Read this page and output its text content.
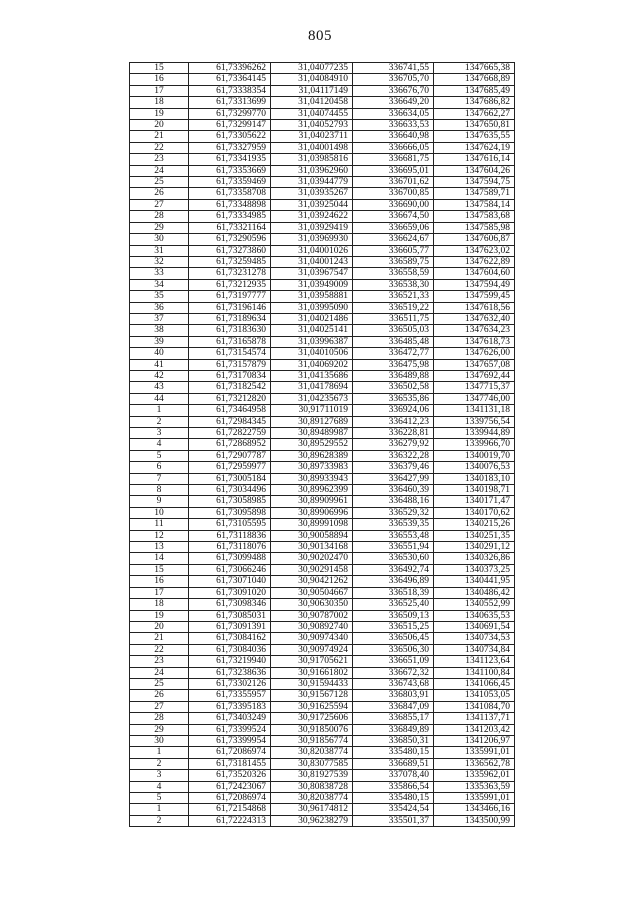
805
15	61,73396262	31,04077235	336741,55	1347665,38
16	61,73364145	31,04084910	336705,70	1347668,89
17	61,73338354	31,04117149	336676,70	1347685,49
18	61,73313699	31,04120458	336649,20	1347686,82
19	61,73299770	31,04074455	336634,05	1347662,27
20	61,73299147	31,04052793	336633,53	1347650,81
21	61,73305622	31,04023711	336640,98	1347635,55
22	61,73327959	31,04001498	336666,05	1347624,19
23	61,73341935	31,03985816	336681,75	1347616,14
24	61,73353669	31,03962960	336695,01	1347604,26
25	61,73359469	31,03944779	336701,62	1347594,75
26	61,73358708	31,03935267	336700,85	1347589,71
27	61,73348898	31,03925044	336690,00	1347584,14
28	61,73334985	31,03924622	336674,50	1347583,68
29	61,73321164	31,03929419	336659,06	1347585,98
30	61,73290596	31,03969930	336624,67	1347606,87
31	61,73273860	31,04001026	336605,77	1347623,02
32	61,73259485	31,04001243	336589,75	1347622,89
33	61,73231278	31,03967547	336558,59	1347604,60
34	61,73212935	31,03949009	336538,30	1347594,49
35	61,73197777	31,03958881	336521,33	1347599,45
36	61,73196146	31,03995090	336519,22	1347618,56
37	61,73189634	31,04021486	336511,75	1347632,40
38	61,73183630	31,04025141	336505,03	1347634,23
39	61,73165878	31,03996387	336485,48	1347618,73
40	61,73154574	31,04010506	336472,77	1347626,00
41	61,73157879	31,04069202	336475,98	1347657,08
42	61,73170834	31,04135686	336489,88	1347692,44
43	61,73182542	31,04178694	336502,58	1347715,37
44	61,73212820	31,04235673	336535,86	1347746,00
1	61,73464958	30,91711019	336924,06	1341131,18
2	61,72984345	30,89127689	336412,23	1339756,54
3	61,72822759	30,89489987	336228,81	1339944,89
4	61,72868952	30,89529552	336279,92	1339966,70
5	61,72907787	30,89628389	336322,28	1340019,70
6	61,72959977	30,89733983	336379,46	1340076,53
7	61,73005184	30,89933943	336427,99	1340183,10
8	61,73034496	30,89962399	336460,39	1340198,71
9	61,73058985	30,89909961	336488,16	1340171,47
10	61,73095898	30,89906996	336529,32	1340170,62
11	61,73105595	30,89991098	336539,35	1340215,26
12	61,73118836	30,90058894	336553,48	1340251,35
13	61,73118076	30,90134168	336551,94	1340291,12
14	61,73099488	30,90202470	336530,60	1340326,86
15	61,73066246	30,90291458	336492,74	1340373,25
16	61,73071040	30,90421262	336496,89	1340441,95
17	61,73091020	30,90504667	336518,39	1340486,42
18	61,73098346	30,90630350	336525,40	1340552,99
19	61,73085031	30,90787002	336509,13	1340635,53
20	61,73091391	30,90892740	336515,25	1340691,54
21	61,73084162	30,90974340	336506,45	1340734,53
22	61,73084036	30,90974924	336506,30	1340734,84
23	61,73219940	30,91705621	336651,09	1341123,64
24	61,73238636	30,91661802	336672,32	1341100,84
25	61,73302126	30,91594433	336743,68	1341066,45
26	61,73355957	30,91567128	336803,91	1341053,05
27	61,73395183	30,91625594	336847,09	1341084,70
28	61,73403249	30,91725606	336855,17	1341137,71
29	61,73399524	30,91850076	336849,89	1341203,42
30	61,73399954	30,91856774	336850,31	1341206,97
1	61,72086974	30,82038774	335480,15	1335991,01
2	61,73181455	30,83077585	336689,51	1336562,78
3	61,73520326	30,81927539	337078,40	1335962,01
4	61,72423067	30,80838728	335866,54	1335363,59
5	61,72086974	30,82038774	335480,15	1335991,01
1	61,72154868	30,96174812	335424,54	1343466,16
2	61,72224313	30,96238279	335501,37	1343500,99
